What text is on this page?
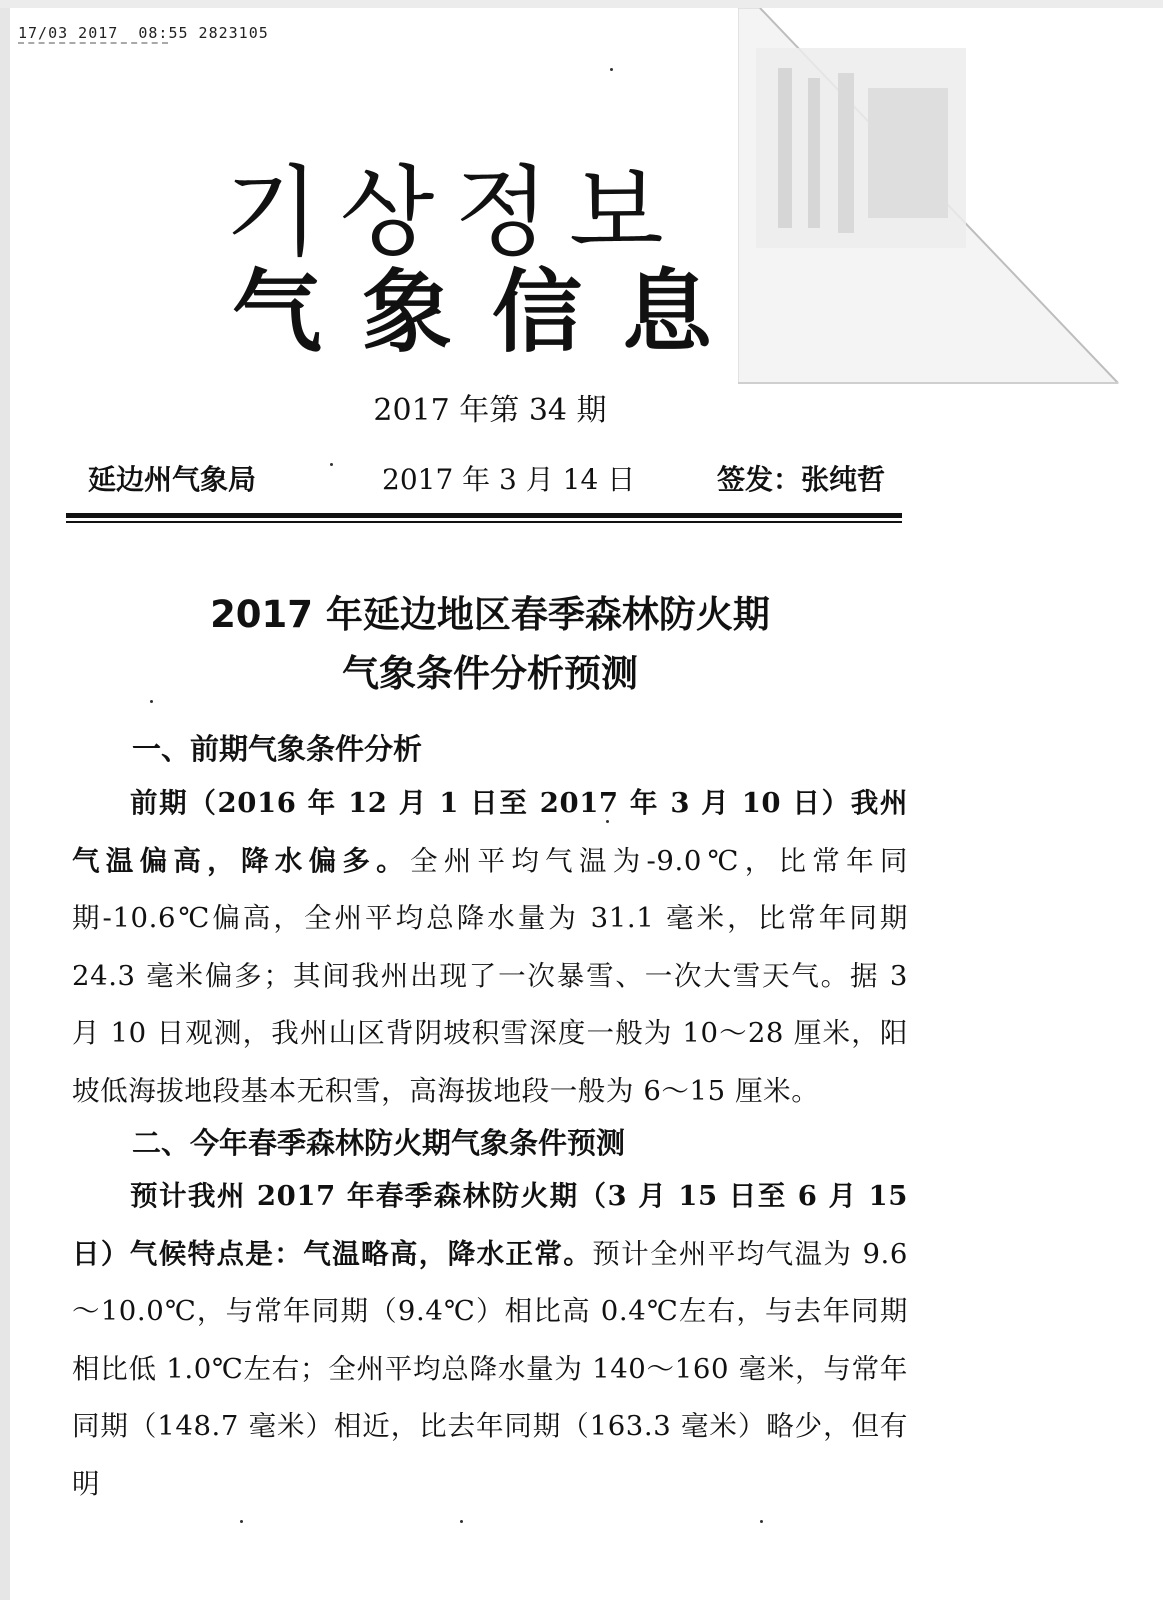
17/03 2017  08:55 2823105
기상정보
气象信息
2017 年第 34 期
延边州气象局	2017 年 3 月 14 日	签发：张纯哲
2017 年延边地区春季森林防火期
气象条件分析预测
一、前期气象条件分析
前期（2016 年 12 月 1 日至 2017 年 3 月 10 日）我州气温偏高，降水偏多。全州平均气温为-9.0℃，比常年同期-10.6℃偏高，全州平均总降水量为 31.1 毫米，比常年同期 24.3 毫米偏多；其间我州出现了一次暴雪、一次大雪天气。据 3 月 10 日观测，我州山区背阴坡积雪深度一般为 10～28 厘米，阳坡低海拔地段基本无积雪，高海拔地段一般为 6～15 厘米。
二、今年春季森林防火期气象条件预测
预计我州 2017 年春季森林防火期（3 月 15 日至 6 月 15 日）气候特点是：气温略高，降水正常。预计全州平均气温为 9.6～10.0℃，与常年同期（9.4℃）相比高 0.4℃左右，与去年同期相比低 1.0℃左右；全州平均总降水量为 140～160 毫米，与常年同期（148.7 毫米）相近，比去年同期（163.3 毫米）略少，但有明
